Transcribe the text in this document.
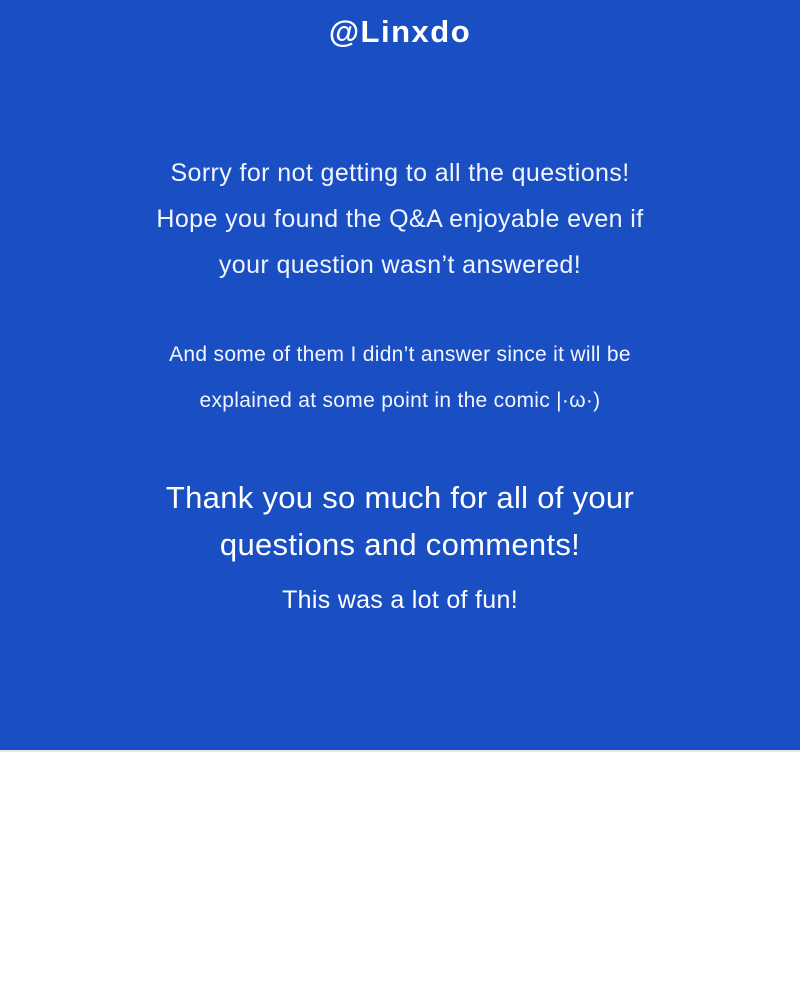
@Linxdo
Sorry for not getting to all the questions!
Hope you found the Q&A enjoyable even if
your question wasn’t answered!
And some of them I didn’t answer since it will be
explained at some point in the comic |·ω·)
Thank you so much for all of your
questions and comments!
This was a lot of fun!
